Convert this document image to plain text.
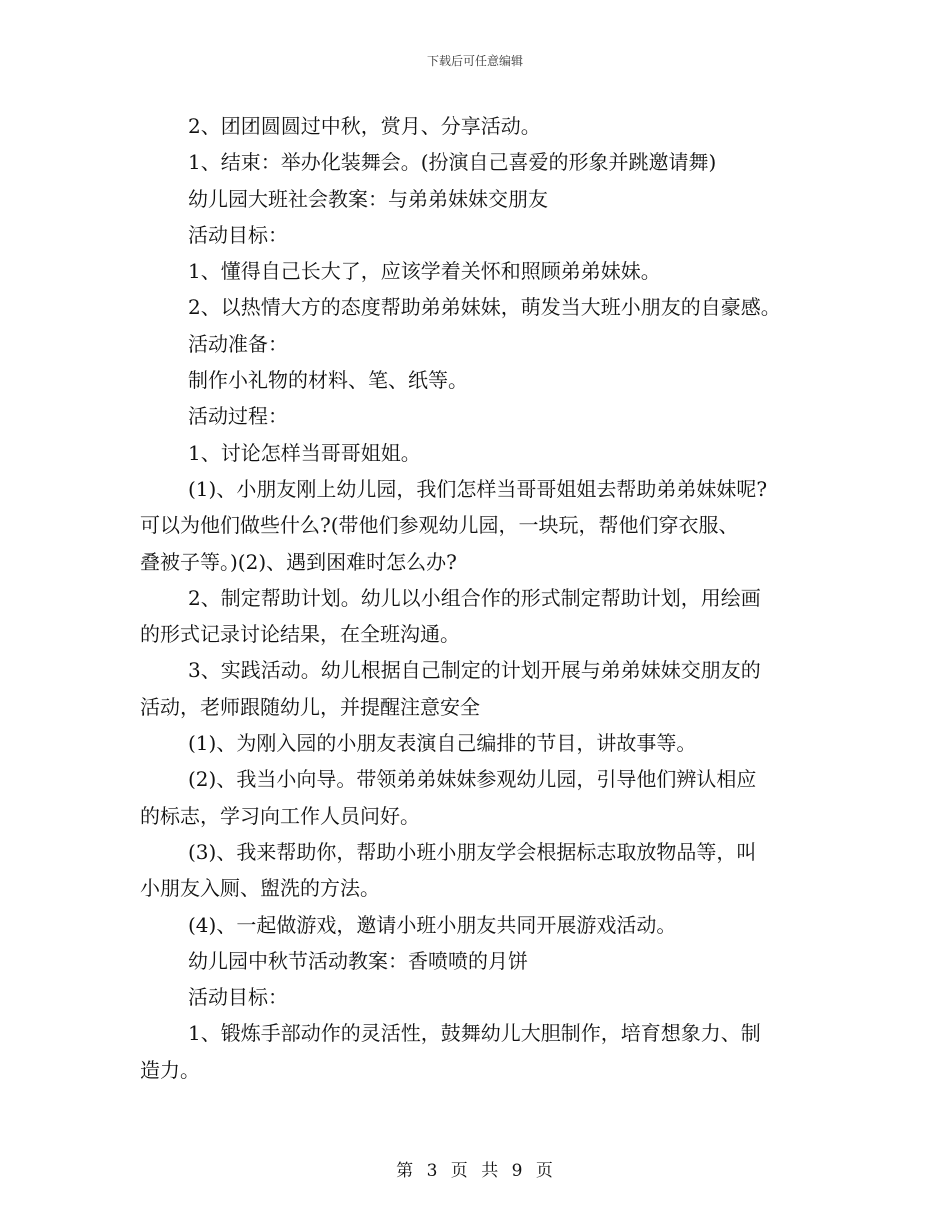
下载后可任意编辑
2、团团圆圆过中秋，赏月、分享活动。
1、结束：举办化装舞会。(扮演自己喜爱的形象并跳邀请舞)
幼儿园大班社会教案：与弟弟妹妹交朋友
活动目标：
1、懂得自己长大了，应该学着关怀和照顾弟弟妹妹。
2、以热情大方的态度帮助弟弟妹妹，萌发当大班小朋友的自豪感。
活动准备：
制作小礼物的材料、笔、纸等。
活动过程：
1、讨论怎样当哥哥姐姐。
(1)、小朋友刚上幼儿园，我们怎样当哥哥姐姐去帮助弟弟妹妹呢?
可以为他们做些什么?(带他们参观幼儿园，一块玩，帮他们穿衣服、
叠被子等。)(2)、遇到困难时怎么办?
2、制定帮助计划。幼儿以小组合作的形式制定帮助计划，用绘画
的形式记录讨论结果，在全班沟通。
3、实践活动。幼儿根据自己制定的计划开展与弟弟妹妹交朋友的
活动，老师跟随幼儿，并提醒注意安全
(1)、为刚入园的小朋友表演自己编排的节目，讲故事等。
(2)、我当小向导。带领弟弟妹妹参观幼儿园，引导他们辨认相应
的标志，学习向工作人员问好。
(3)、我来帮助你，帮助小班小朋友学会根据标志取放物品等，叫
小朋友入厕、盥洗的方法。
(4)、一起做游戏，邀请小班小朋友共同开展游戏活动。
幼儿园中秋节活动教案：香喷喷的月饼
活动目标：
1、锻炼手部动作的灵活性，鼓舞幼儿大胆制作，培育想象力、制
造力。
第 3 页 共 9 页
